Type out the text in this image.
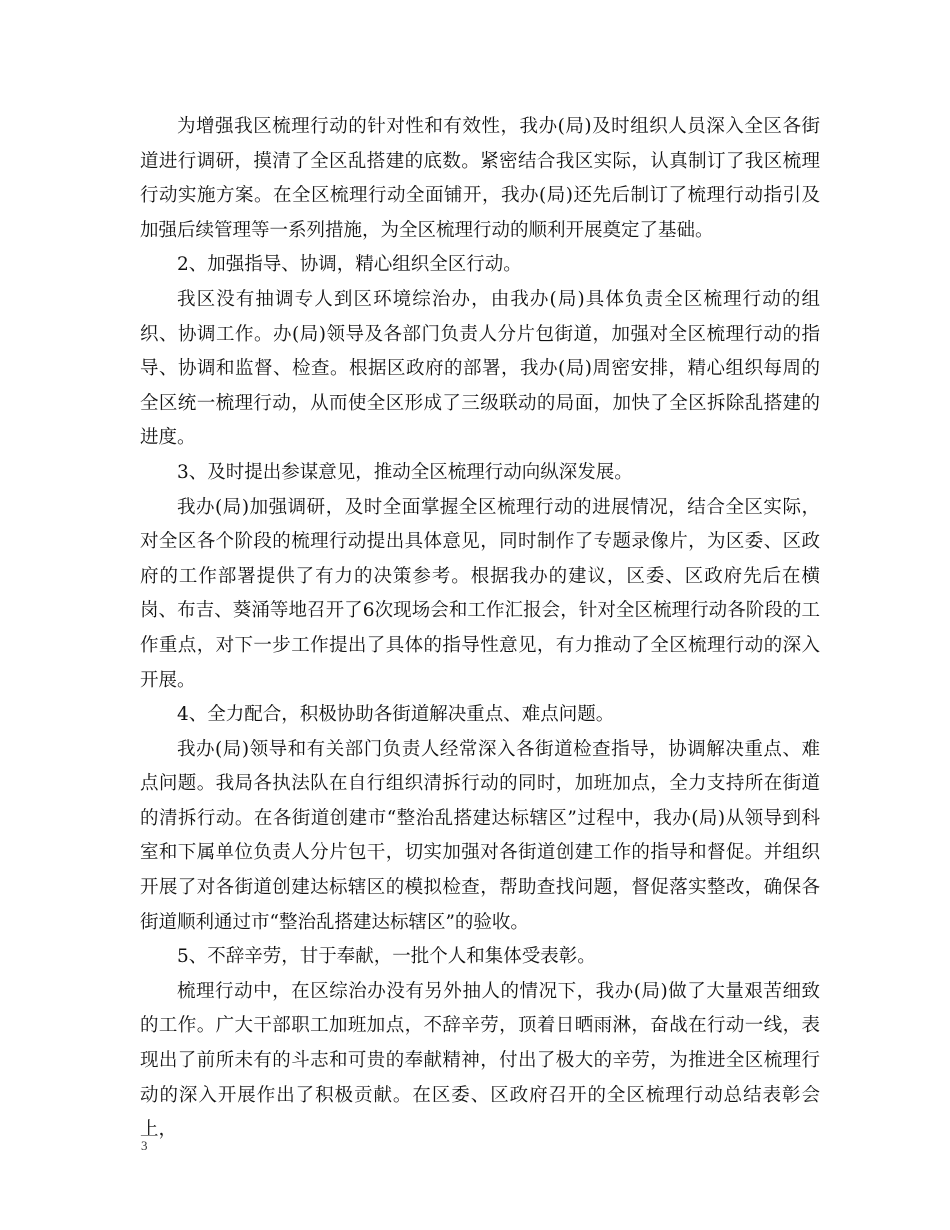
为增强我区梳理行动的针对性和有效性，我办(局)及时组织人员深入全区各街道进行调研，摸清了全区乱搭建的底数。紧密结合我区实际，认真制订了我区梳理行动实施方案。在全区梳理行动全面铺开，我办(局)还先后制订了梳理行动指引及加强后续管理等一系列措施，为全区梳理行动的顺利开展奠定了基础。

2、加强指导、协调，精心组织全区行动。

我区没有抽调专人到区环境综治办，由我办(局)具体负责全区梳理行动的组织、协调工作。办(局)领导及各部门负责人分片包街道，加强对全区梳理行动的指导、协调和监督、检查。根据区政府的部署，我办(局)周密安排，精心组织每周的全区统一梳理行动，从而使全区形成了三级联动的局面，加快了全区拆除乱搭建的进度。

3、及时提出参谋意见，推动全区梳理行动向纵深发展。

我办(局)加强调研，及时全面掌握全区梳理行动的进展情况，结合全区实际，对全区各个阶段的梳理行动提出具体意见，同时制作了专题录像片，为区委、区政府的工作部署提供了有力的决策参考。根据我办的建议，区委、区政府先后在横岗、布吉、葵涌等地召开了6次现场会和工作汇报会，针对全区梳理行动各阶段的工作重点，对下一步工作提出了具体的指导性意见，有力推动了全区梳理行动的深入开展。

4、全力配合，积极协助各街道解决重点、难点问题。

我办(局)领导和有关部门负责人经常深入各街道检查指导，协调解决重点、难点问题。我局各执法队在自行组织清拆行动的同时，加班加点，全力支持所在街道的清拆行动。在各街道创建市“整治乱搭建达标辖区”过程中，我办(局)从领导到科室和下属单位负责人分片包干，切实加强对各街道创建工作的指导和督促。并组织开展了对各街道创建达标辖区的模拟检查，帮助查找问题，督促落实整改，确保各街道顺利通过市“整治乱搭建达标辖区”的验收。

5、不辞辛劳，甘于奉献，一批个人和集体受表彰。

梳理行动中，在区综治办没有另外抽人的情况下，我办(局)做了大量艰苦细致的工作。广大干部职工加班加点，不辞辛劳，顶着日晒雨淋，奋战在行动一线，表现出了前所未有的斗志和可贵的奉献精神，付出了极大的辛劳，为推进全区梳理行动的深入开展作出了积极贡献。在区委、区政府召开的全区梳理行动总结表彰会上，

3
